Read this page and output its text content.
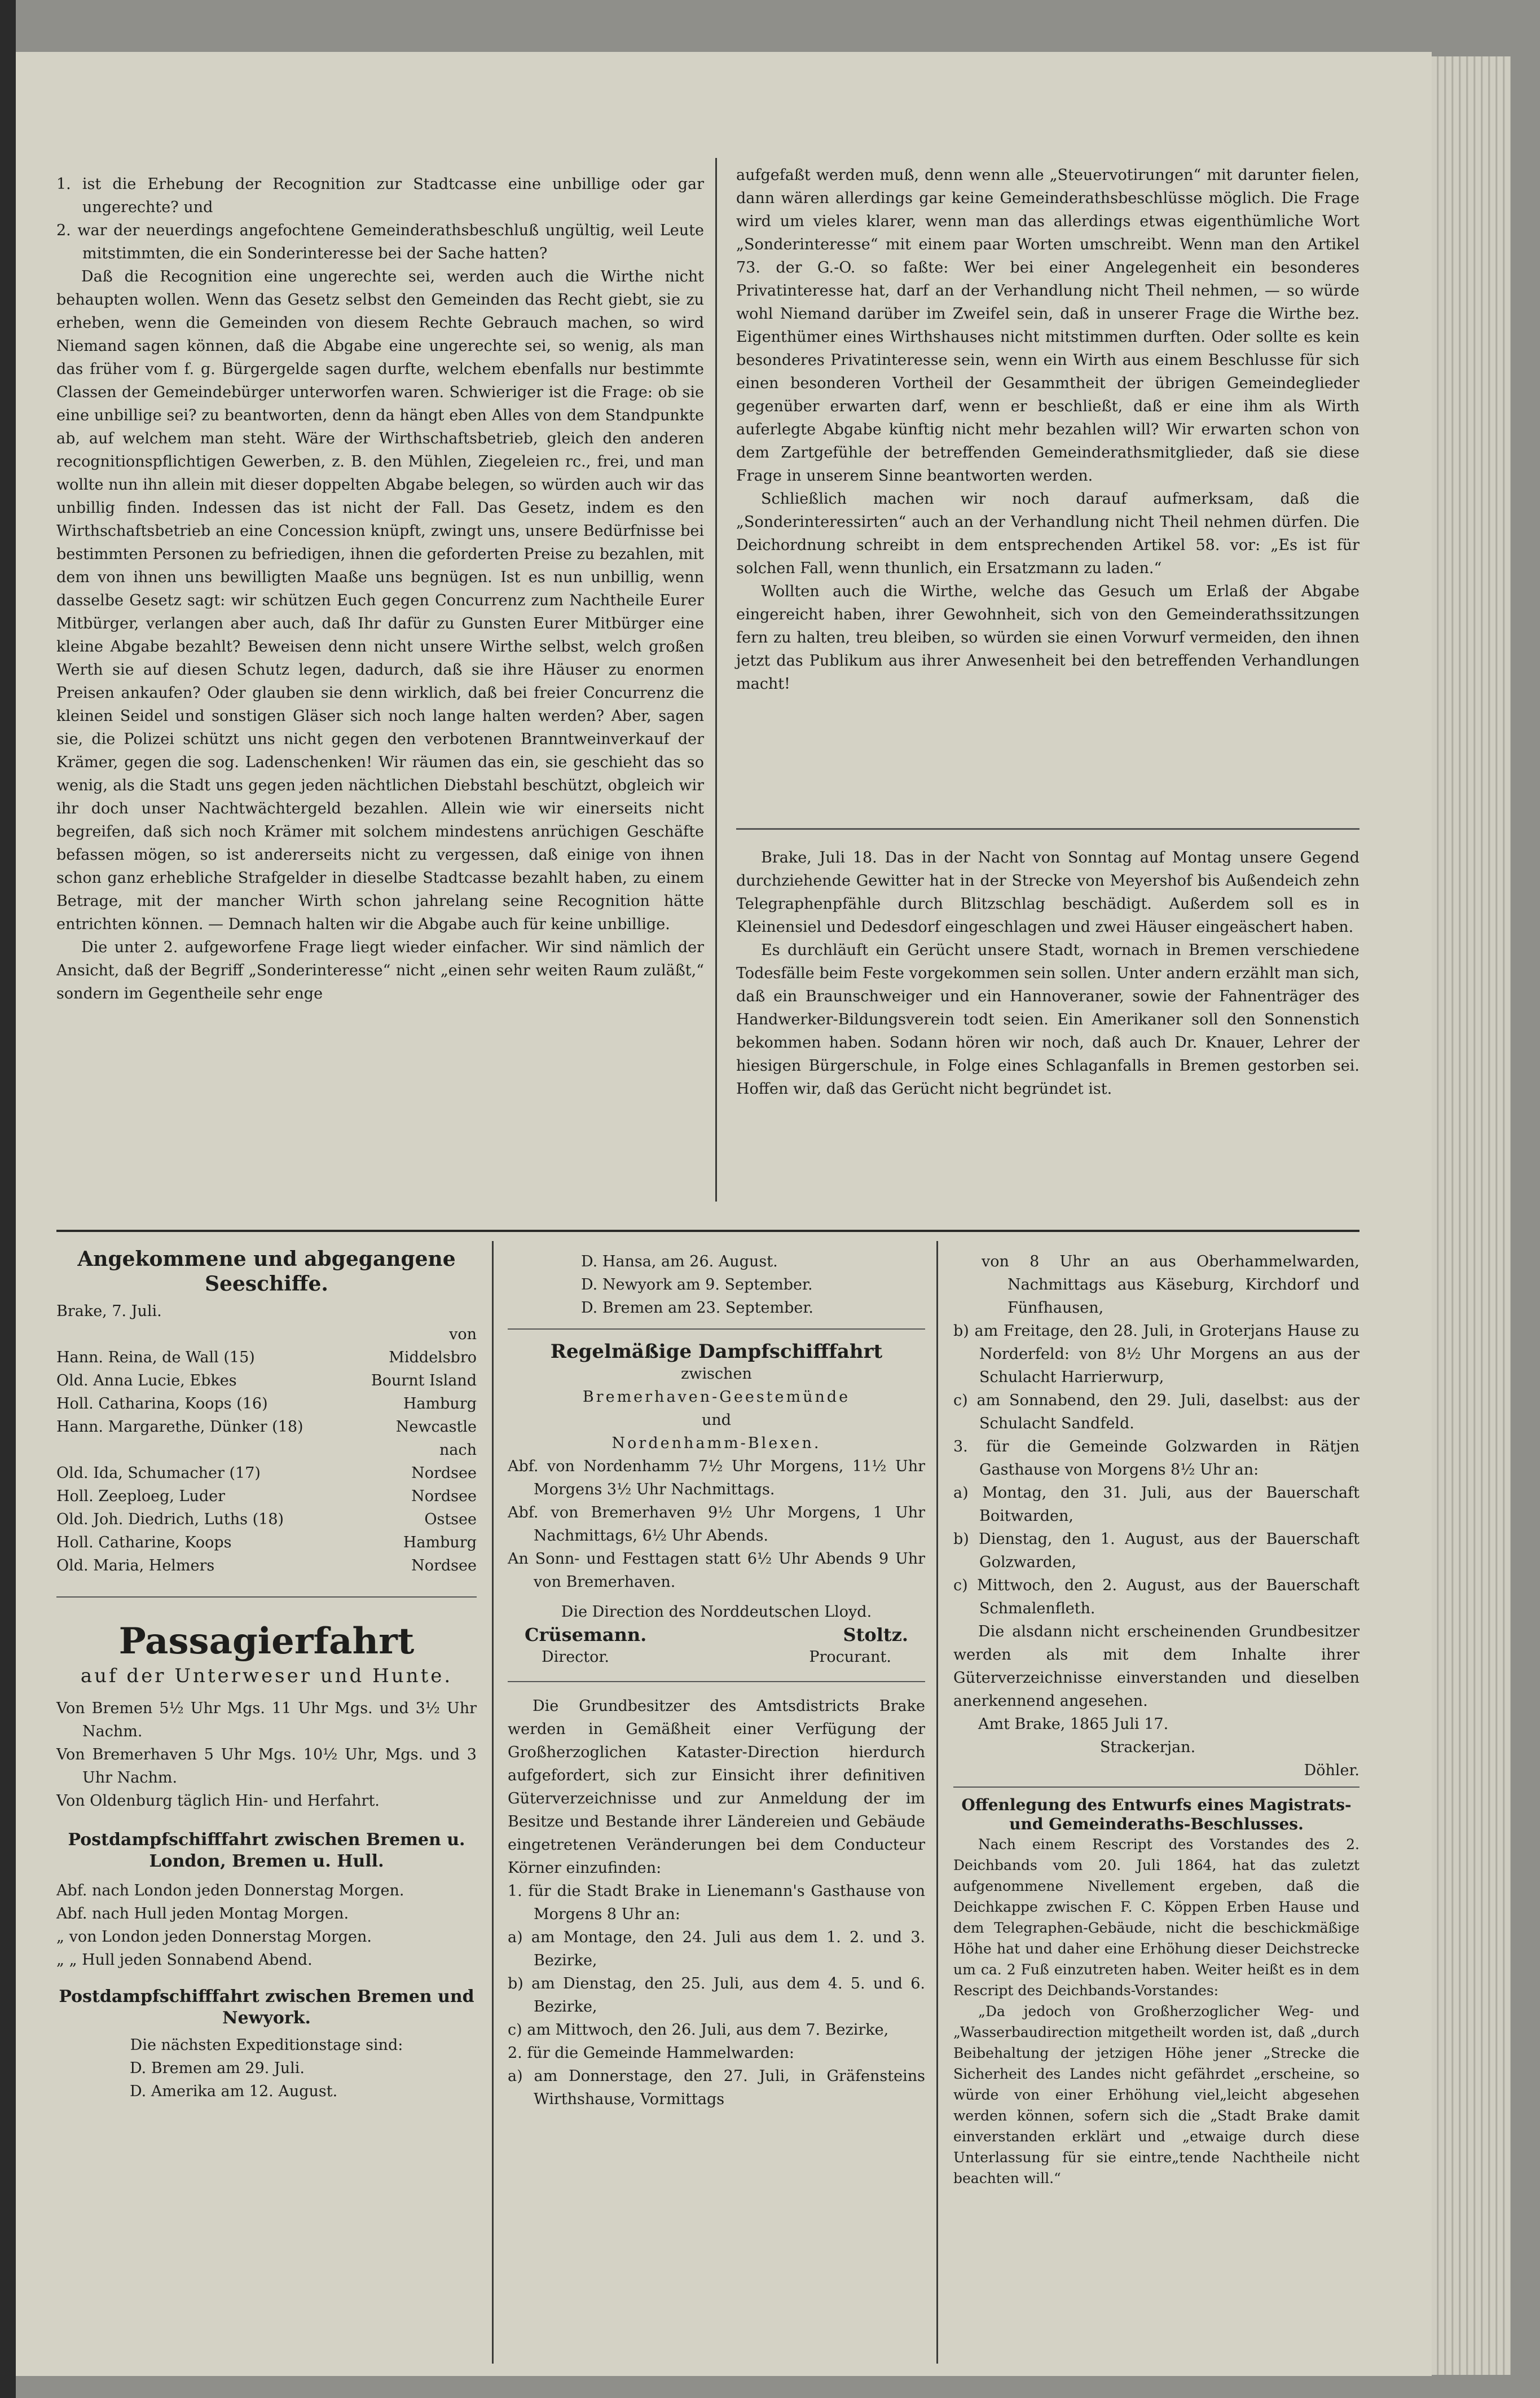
1. ist die Erhebung der Recognition zur Stadtcasse eine unbillige oder gar ungerechte? und

2. war der neuerdings angefochtene Gemeinderathsbeschluß ungültig, weil Leute mitstimmten, die ein Sonderinteresse bei der Sache hatten?

Daß die Recognition eine ungerechte sei, werden auch die Wirthe nicht behaupten wollen. Wenn das Gesetz selbst den Gemeinden das Recht giebt, sie zu erheben, wenn die Gemeinden von diesem Rechte Gebrauch machen, so wird Niemand sagen können, daß die Abgabe eine ungerechte sei, so wenig, als man das früher vom f. g. Bürgergelde sagen durfte, welchem ebenfalls nur bestimmte Classen der Gemeindebürger unterworfen waren. Schwieriger ist die Frage: ob sie eine unbillige sei? zu beantworten, denn da hängt eben Alles von dem Standpunkte ab, auf welchem man steht. Wäre der Wirthschaftsbetrieb, gleich den anderen recognitionspflichtigen Gewerben, z. B. den Mühlen, Ziegeleien rc., frei, und man wollte nun ihn allein mit dieser doppelten Abgabe belegen, so würden auch wir das unbillig finden. Indessen das ist nicht der Fall. Das Gesetz, indem es den Wirthschaftsbetrieb an eine Concession knüpft, zwingt uns, unsere Bedürfnisse bei bestimmten Personen zu befriedigen, ihnen die geforderten Preise zu bezahlen, mit dem von ihnen uns bewilligten Maaße uns begnügen. Ist es nun unbillig, wenn dasselbe Gesetz sagt: wir schützen Euch gegen Concurrenz zum Nachtheile Eurer Mitbürger, verlangen aber auch, daß Ihr dafür zu Gunsten Eurer Mitbürger eine kleine Abgabe bezahlt? Beweisen denn nicht unsere Wirthe selbst, welch großen Werth sie auf diesen Schutz legen, dadurch, daß sie ihre Häuser zu enormen Preisen ankaufen? Oder glauben sie denn wirklich, daß bei freier Concurrenz die kleinen Seidel und sonstigen Gläser sich noch lange halten werden? Aber, sagen sie, die Polizei schützt uns nicht gegen den verbotenen Branntweinverkauf der Krämer, gegen die sog. Ladenschenken! Wir räumen das ein, sie geschieht das so wenig, als die Stadt uns gegen jeden nächtlichen Diebstahl beschützt, obgleich wir ihr doch unser Nachtwächtergeld bezahlen. Allein wie wir einerseits nicht begreifen, daß sich noch Krämer mit solchem mindestens anrüchigen Geschäfte befassen mögen, so ist andererseits nicht zu vergessen, daß einige von ihnen schon ganz erhebliche Strafgelder in dieselbe Stadtcasse bezahlt haben, zu einem Betrage, mit der mancher Wirth schon jahrelang seine Recognition hätte entrichten können. — Demnach halten wir die Abgabe auch für keine unbillige.

Die unter 2. aufgeworfene Frage liegt wieder einfacher. Wir sind nämlich der Ansicht, daß der Begriff „Sonderinteresse“ nicht „einen sehr weiten Raum zuläßt,“ sondern im Gegentheile sehr enge

aufgefaßt werden muß, denn wenn alle „Steuervotirungen“ mit darunter fielen, dann wären allerdings gar keine Gemeinderathsbeschlüsse möglich. Die Frage wird um vieles klarer, wenn man das allerdings etwas eigenthümliche Wort „Sonderinteresse“ mit einem paar Worten umschreibt. Wenn man den Artikel 73. der G.-O. so faßte: Wer bei einer Angelegenheit ein besonderes Privatinteresse hat, darf an der Verhandlung nicht Theil nehmen, — so würde wohl Niemand darüber im Zweifel sein, daß in unserer Frage die Wirthe bez. Eigenthümer eines Wirthshauses nicht mitstimmen durften. Oder sollte es kein besonderes Privatinteresse sein, wenn ein Wirth aus einem Beschlusse für sich einen besonderen Vortheil der Gesammtheit der übrigen Gemeindeglieder gegenüber erwarten darf, wenn er beschließt, daß er eine ihm als Wirth auferlegte Abgabe künftig nicht mehr bezahlen will? Wir erwarten schon von dem Zartgefühle der betreffenden Gemeinderathsmitglieder, daß sie diese Frage in unserem Sinne beantworten werden.

Schließlich machen wir noch darauf aufmerksam, daß die „Sonderinteressirten“ auch an der Verhandlung nicht Theil nehmen dürfen. Die Deichordnung schreibt in dem entsprechenden Artikel 58. vor: „Es ist für solchen Fall, wenn thunlich, ein Ersatzmann zu laden.“

Wollten auch die Wirthe, welche das Gesuch um Erlaß der Abgabe eingereicht haben, ihrer Gewohnheit, sich von den Gemeinderathssitzungen fern zu halten, treu bleiben, so würden sie einen Vorwurf vermeiden, den ihnen jetzt das Publikum aus ihrer Anwesenheit bei den betreffenden Verhandlungen macht!

Brake, Juli 18. Das in der Nacht von Sonntag auf Montag unsere Gegend durchziehende Gewitter hat in der Strecke von Meyershof bis Außendeich zehn Telegraphenpfähle durch Blitzschlag beschädigt. Außerdem soll es in Kleinensiel und Dedesdorf eingeschlagen und zwei Häuser eingeäschert haben.

Es durchläuft ein Gerücht unsere Stadt, wornach in Bremen verschiedene Todesfälle beim Feste vorgekommen sein sollen. Unter andern erzählt man sich, daß ein Braunschweiger und ein Hannoveraner, sowie der Fahnenträger des Handwerker-Bildungsverein todt seien. Ein Amerikaner soll den Sonnenstich bekommen haben. Sodann hören wir noch, daß auch Dr. Knauer, Lehrer der hiesigen Bürgerschule, in Folge eines Schlaganfalls in Bremen gestorben sei. Hoffen wir, daß das Gerücht nicht begründet ist.

Angekommene und abgegangene Seeschiffe.
Brake, 7. Juli.
von
Hann. Reina, de Wall (15)	Middelsbro
Old. Anna Lucie, Ebkes	Bournt Island
Holl. Catharina, Koops (16)	Hamburg
Hann. Margarethe, Dünker (18)	Newcastle
nach
Old. Ida, Schumacher (17)	Nordsee
Holl. Zeeploeg, Luder	Nordsee
Old. Joh. Diedrich, Luths (18)	Ostsee
Holl. Catharine, Koops	Hamburg
Old. Maria, Helmers	Nordsee
Passagierfahrt
auf der Unterweser und Hunte.

Von Bremen 5½ Uhr Mgs. 11 Uhr Mgs. und 3½ Uhr Nachm.

Von Bremerhaven 5 Uhr Mgs. 10½ Uhr, Mgs. und 3 Uhr Nachm.

Von Oldenburg täglich Hin- und Herfahrt.

Postdampfschifffahrt zwischen Bremen u. London, Bremen u. Hull.

Abf. nach London jeden Donnerstag Morgen.

Abf. nach Hull jeden Montag Morgen.

„ von London jeden Donnerstag Morgen.

„ „ Hull jeden Sonnabend Abend.

Postdampfschifffahrt zwischen Bremen und Newyork.
Die nächsten Expeditionstage sind:

D. Bremen am 29. Juli.

D. Amerika am 12. August.

D. Hansa, am 26. August.

D. Newyork am 9. September.

D. Bremen am 23. September.

Regelmäßige Dampfschifffahrt
zwischen
Bremerhaven-Geestemünde
und
Nordenhamm-Blexen.

Abf. von Nordenhamm 7½ Uhr Morgens, 11½ Uhr Morgens 3½ Uhr Nachmittags.

Abf. von Bremerhaven 9½ Uhr Morgens, 1 Uhr Nachmittags, 6½ Uhr Abends.

An Sonn- und Festtagen statt 6½ Uhr Abends 9 Uhr von Bremerhaven.

Die Direction des Norddeutschen Lloyd.
Crüsemann.	Stoltz.
Director.	Procurant.

Die Grundbesitzer des Amtsdistricts Brake werden in Gemäßheit einer Verfügung der Großherzoglichen Kataster-Direction hierdurch aufgefordert, sich zur Einsicht ihrer definitiven Güterverzeichnisse und zur Anmeldung der im Besitze und Bestande ihrer Ländereien und Gebäude eingetretenen Veränderungen bei dem Conducteur Körner einzufinden:

1. für die Stadt Brake in Lienemann's Gasthause von Morgens 8 Uhr an:

a) am Montage, den 24. Juli aus dem 1. 2. und 3. Bezirke,

b) am Dienstag, den 25. Juli, aus dem 4. 5. und 6. Bezirke,

c) am Mittwoch, den 26. Juli, aus dem 7. Bezirke,

2. für die Gemeinde Hammelwarden:

a) am Donnerstage, den 27. Juli, in Gräfensteins Wirthshause, Vormittags

von 8 Uhr an aus Oberhammelwarden, Nachmittags aus Käseburg, Kirchdorf und Fünfhausen,

b) am Freitage, den 28. Juli, in Groterjans Hause zu Norderfeld: von 8½ Uhr Morgens an aus der Schulacht Harrierwurp,

c) am Sonnabend, den 29. Juli, daselbst: aus der Schulacht Sandfeld.

3. für die Gemeinde Golzwarden in Rätjen Gasthause von Morgens 8½ Uhr an:

a) Montag, den 31. Juli, aus der Bauerschaft Boitwarden,

b) Dienstag, den 1. August, aus der Bauerschaft Golzwarden,

c) Mittwoch, den 2. August, aus der Bauerschaft Schmalenfleth.

Die alsdann nicht erscheinenden Grundbesitzer werden als mit dem Inhalte ihrer Güterverzeichnisse einverstanden und dieselben anerkennend angesehen.

Amt Brake, 1865 Juli 17.

Strackerjan.

Döhler.

Offenlegung des Entwurfs eines Magistrats- und Gemeinderaths-Beschlusses.

Nach einem Rescript des Vorstandes des 2. Deichbands vom 20. Juli 1864, hat das zuletzt aufgenommene Nivellement ergeben, daß die Deichkappe zwischen F. C. Köppen Erben Hause und dem Telegraphen-Gebäude, nicht die beschickmäßige Höhe hat und daher eine Erhöhung dieser Deichstrecke um ca. 2 Fuß einzutreten haben. Weiter heißt es in dem Rescript des Deichbands-Vorstandes:

„Da jedoch von Großherzoglicher Weg- und „Wasserbaudirection mitgetheilt worden ist, daß „durch Beibehaltung der jetzigen Höhe jener „Strecke die Sicherheit des Landes nicht gefährdet „erscheine, so würde von einer Erhöhung viel„leicht abgesehen werden können, sofern sich die „Stadt Brake damit einverstanden erklärt und „etwaige durch diese Unterlassung für sie eintre„tende Nachtheile nicht beachten will.“
